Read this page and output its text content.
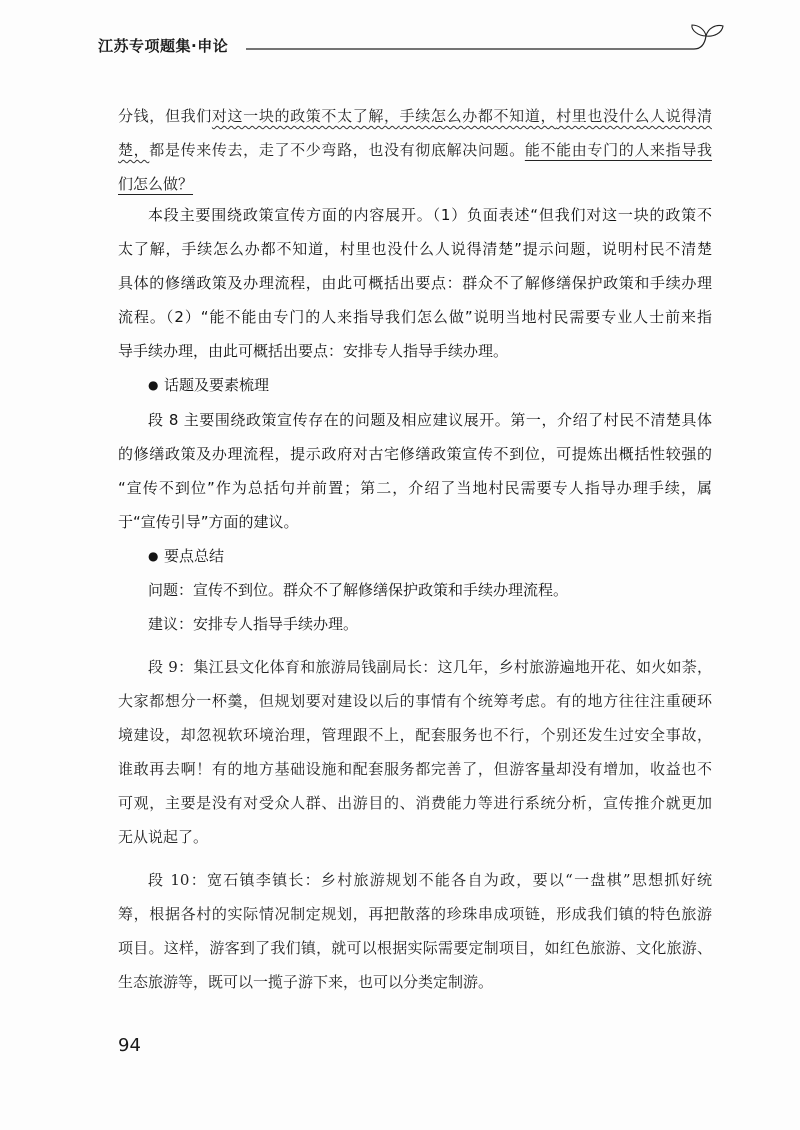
江苏专项题集·申论
分钱，但我们对这一块的政策不太了解，手续怎么办都不知道，村里也没什么人说得清
楚，都是传来传去，走了不少弯路，也没有彻底解决问题。能不能由专门的人来指导我
们怎么做？
本段主要围绕政策宣传方面的内容展开。（1）负面表述“但我们对这一块的政策不
太了解，手续怎么办都不知道，村里也没什么人说得清楚”提示问题，说明村民不清楚
具体的修缮政策及办理流程，由此可概括出要点：群众不了解修缮保护政策和手续办理
流程。（2）“能不能由专门的人来指导我们怎么做”说明当地村民需要专业人士前来指
导手续办理，由此可概括出要点：安排专人指导手续办理。
● 话题及要素梳理
段 8 主要围绕政策宣传存在的问题及相应建议展开。第一，介绍了村民不清楚具体
的修缮政策及办理流程，提示政府对古宅修缮政策宣传不到位，可提炼出概括性较强的
“宣传不到位”作为总括句并前置；第二，介绍了当地村民需要专人指导办理手续，属
于“宣传引导”方面的建议。
● 要点总结
问题：宣传不到位。群众不了解修缮保护政策和手续办理流程。
建议：安排专人指导手续办理。
段 9：集江县文化体育和旅游局钱副局长：这几年，乡村旅游遍地开花、如火如荼，
大家都想分一杯羹，但规划要对建设以后的事情有个统筹考虑。有的地方往往注重硬环
境建设，却忽视软环境治理，管理跟不上，配套服务也不行，个别还发生过安全事故，
谁敢再去啊！有的地方基础设施和配套服务都完善了，但游客量却没有增加，收益也不
可观，主要是没有对受众人群、出游目的、消费能力等进行系统分析，宣传推介就更加
无从说起了。
段 10：宽石镇李镇长：乡村旅游规划不能各自为政，要以“一盘棋”思想抓好统
筹，根据各村的实际情况制定规划，再把散落的珍珠串成项链，形成我们镇的特色旅游
项目。这样，游客到了我们镇，就可以根据实际需要定制项目，如红色旅游、文化旅游、
生态旅游等，既可以一揽子游下来，也可以分类定制游。
94
